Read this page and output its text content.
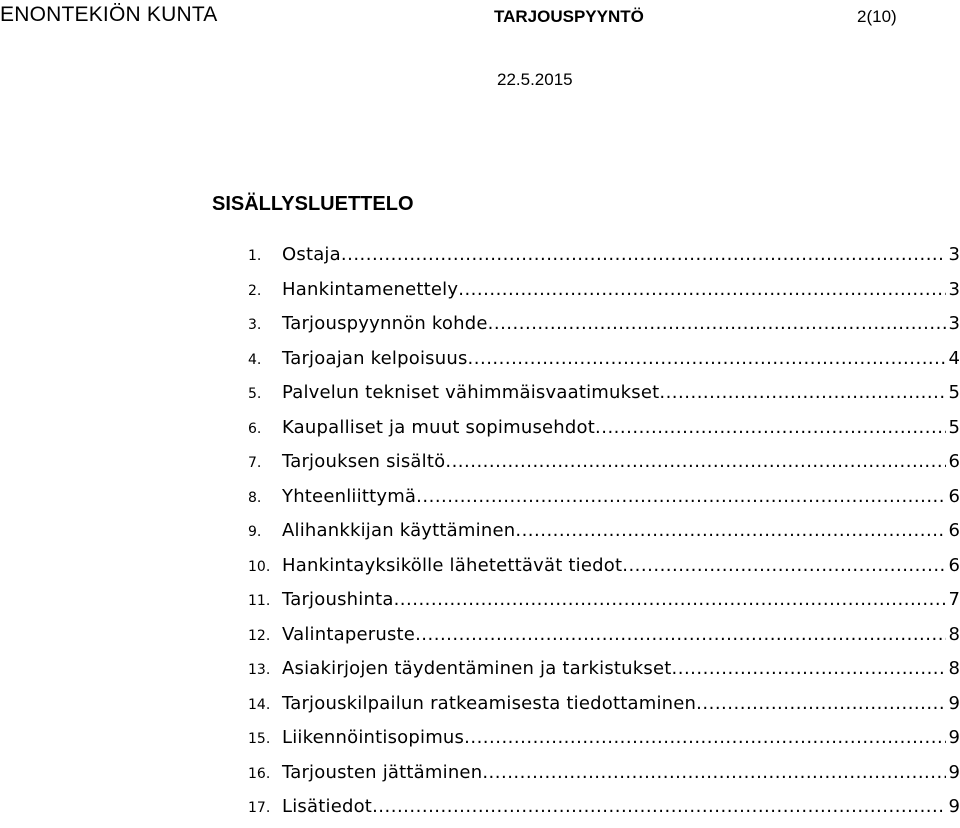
ENONTEKIÖN KUNTA	TARJOUSPYYNTÖ	2(10)
22.5.2015
SISÄLLYSLUETTELO
1.	Ostaja .....	3
2.	Hankintamenettely .....	3
3.	Tarjouspyynnön kohde .....	3
4.	Tarjoajan kelpoisuus .....	4
5.	Palvelun tekniset vähimmäisvaatimukset .....	5
6.	Kaupalliset ja muut sopimusehdot .....	5
7.	Tarjouksen sisältö .....	6
8.	Yhteenliittymä .....	6
9.	Alihankkijan käyttäminen .....	6
10. Hankintayksikölle lähetettävät tiedot .....	6
11. Tarjoushinta .....	7
12. Valintaperuste .....	8
13. Asiakirjojen täydentäminen ja tarkistukset .....	8
14. Tarjouskilpailun ratkeamisesta tiedottaminen .....	9
15. Liikennöintisopimus .....	9
16. Tarjousten jättäminen .....	9
17. Lisätiedot .....	9
